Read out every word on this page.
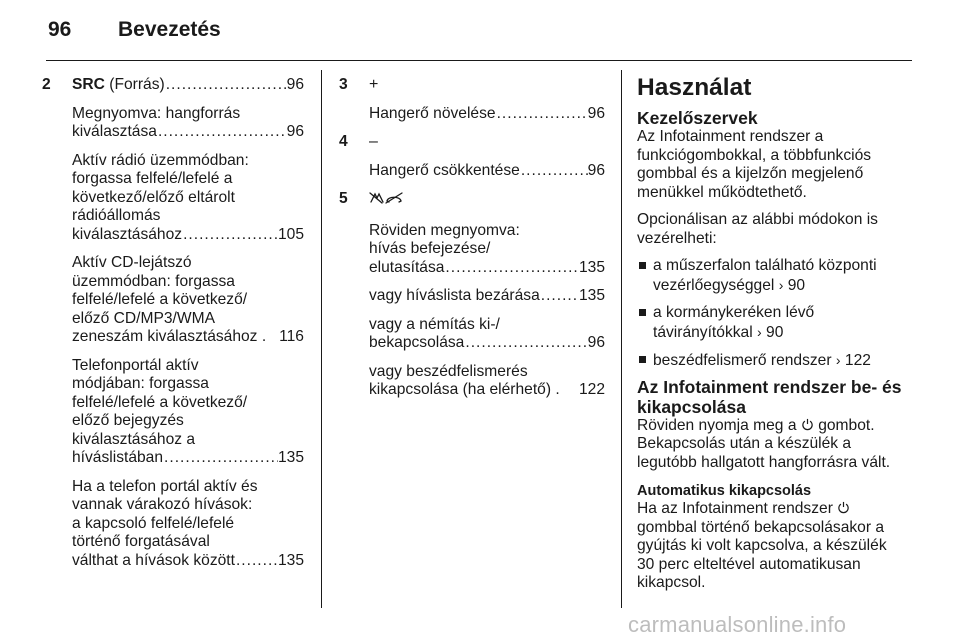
96	Bevezetés
2 SRC (Forrás) .....	96
Megnyomva: hangforrás
kiválasztása .....	96
Aktív rádió üzemmódban:
forgassa felfelé/lefelé a
következő/előző eltárolt
rádióállomás
kiválasztásához .....	105
Aktív CD-lejátszó
üzemmódban: forgassa
felfelé/lefelé a következő/
előző CD/MP3/WMA
zeneszám kiválasztásához . 116
Telefonportál aktív
módjában: forgassa
felfelé/lefelé a következő/
előző bejegyzés
kiválasztásához a
híváslistában .....	135
Ha a telefon portál aktív és
vannak várakozó hívások:
a kapcsoló felfelé/lefelé
történő forgatásával
válthat a hívások között .....	135
3 +
Hangerő növelése .....	96
4 –
Hangerő csökkentése .....	96
5
Röviden megnyomva:
hívás befejezése/
elutasítása .....	135
vagy híváslista bezárása .....	135
vagy a némítás ki-/
bekapcsolása .....	96
vagy beszédfelismerés
kikapcsolása (ha elérhető) . 122
Használat
Kezelőszervek
Az Infotainment rendszer a
funkciógombokkal, a többfunkciós
gombbal és a kijelzőn megjelenő
menükkel működtethető.
Opcionálisan az alábbi módokon is
vezérelheti:
a műszerfalon található központi
vezérlőegységgel › 90
a kormánykeréken lévő
távirányítókkal › 90
beszédfelismerő rendszer › 122
Az Infotainment rendszer be- és
kikapcsolása
Röviden nyomja meg a gombot.
Bekapcsolás után a készülék a
legutóbb hallgatott hangforrásra vált.
Automatikus kikapcsolás
Ha az Infotainment rendszer
gombbal történő bekapcsolásakor a
gyújtás ki volt kapcsolva, a készülék
30 perc elteltével automatikusan
kikapcsol.
carmanualsonline.info
